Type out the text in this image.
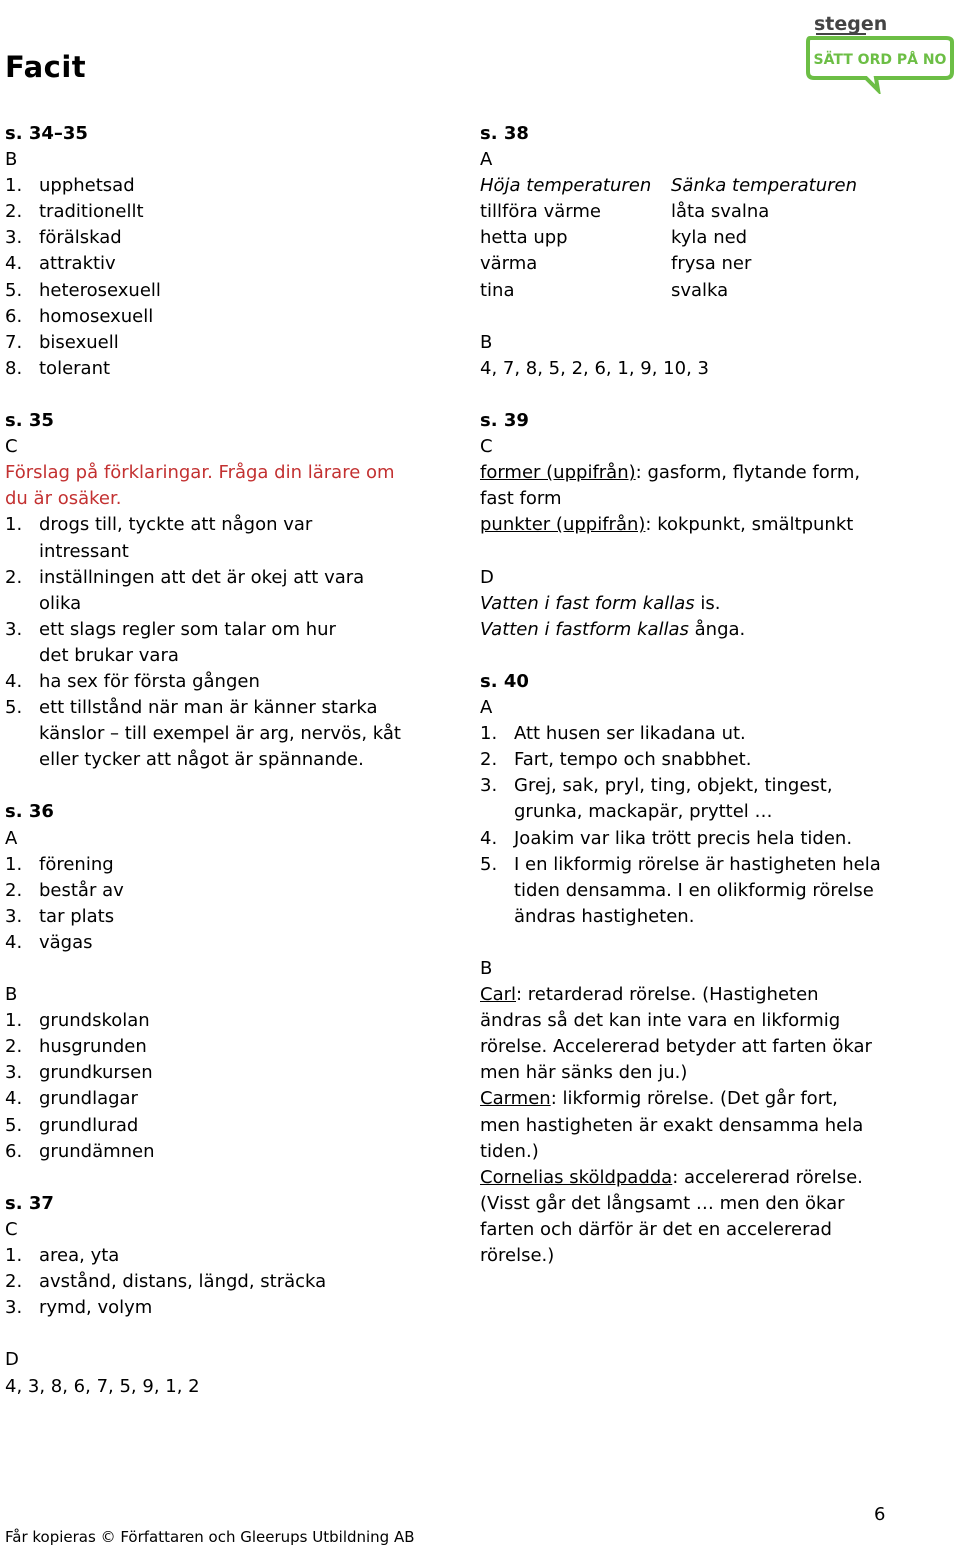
Facit
stegen
SÄTT ORD PÅ NO
s. 34–35
B
1. upphetsad
2. traditionellt
3. förälskad
4. attraktiv
5. heterosexuell
6. homosexuell
7. bisexuell
8. tolerant
s. 35
C
Förslag på förklaringar. Fråga din lärare om du är osäker.
1. drogs till, tyckte att någon var intressant
2. inställningen att det är okej att vara olika
3. ett slags regler som talar om hur det brukar vara
4. ha sex för första gången
5. ett tillstånd när man är känner starka känslor – till exempel är arg, nervös, kåt eller tycker att något är spännande.
s. 36
A
1. förening
2. består av
3. tar plats
4. vägas
B
1. grundskolan
2. husgrunden
3. grundkursen
4. grundlagar
5. grundlurad
6. grundämnen
s. 37
C
1. area, yta
2. avstånd, distans, längd, sträcka
3. rymd, volym
D
4, 3, 8, 6, 7, 5, 9, 1, 2
s. 38
A
Höja temperaturen Sänka temperaturen
tillföra värme	låta svalna
hetta upp	kyla ned
värma	frysa ner
tina	svalka
B
4, 7, 8, 5, 2, 6, 1, 9, 10, 3
s. 39
C
former (uppifrån): gasform, flytande form, fast form
punkter (uppifrån): kokpunkt, smältpunkt
D
Vatten i fast form kallas is.
Vatten i fastform kallas ånga.
s. 40
A
1. Att husen ser likadana ut.
2. Fart, tempo och snabbhet.
3. Grej, sak, pryl, ting, objekt, tingest, grunka, mackapär, pryttel …
4. Joakim var lika trött precis hela tiden.
5. I en likformig rörelse är hastigheten hela tiden densamma. I en olikformig rörelse ändras hastigheten.
B
Carl: retarderad rörelse. (Hastigheten ändras så det kan inte vara en likformig rörelse. Accelererad betyder att farten ökar men här sänks den ju.)
Carmen: likformig rörelse. (Det går fort, men hastigheten är exakt densamma hela tiden.)
Cornelias sköldpadda: accelererad rörelse. (Visst går det långsamt … men den ökar farten och därför är det en accelererad rörelse.)
6
Får kopieras © Författaren och Gleerups Utbildning AB
